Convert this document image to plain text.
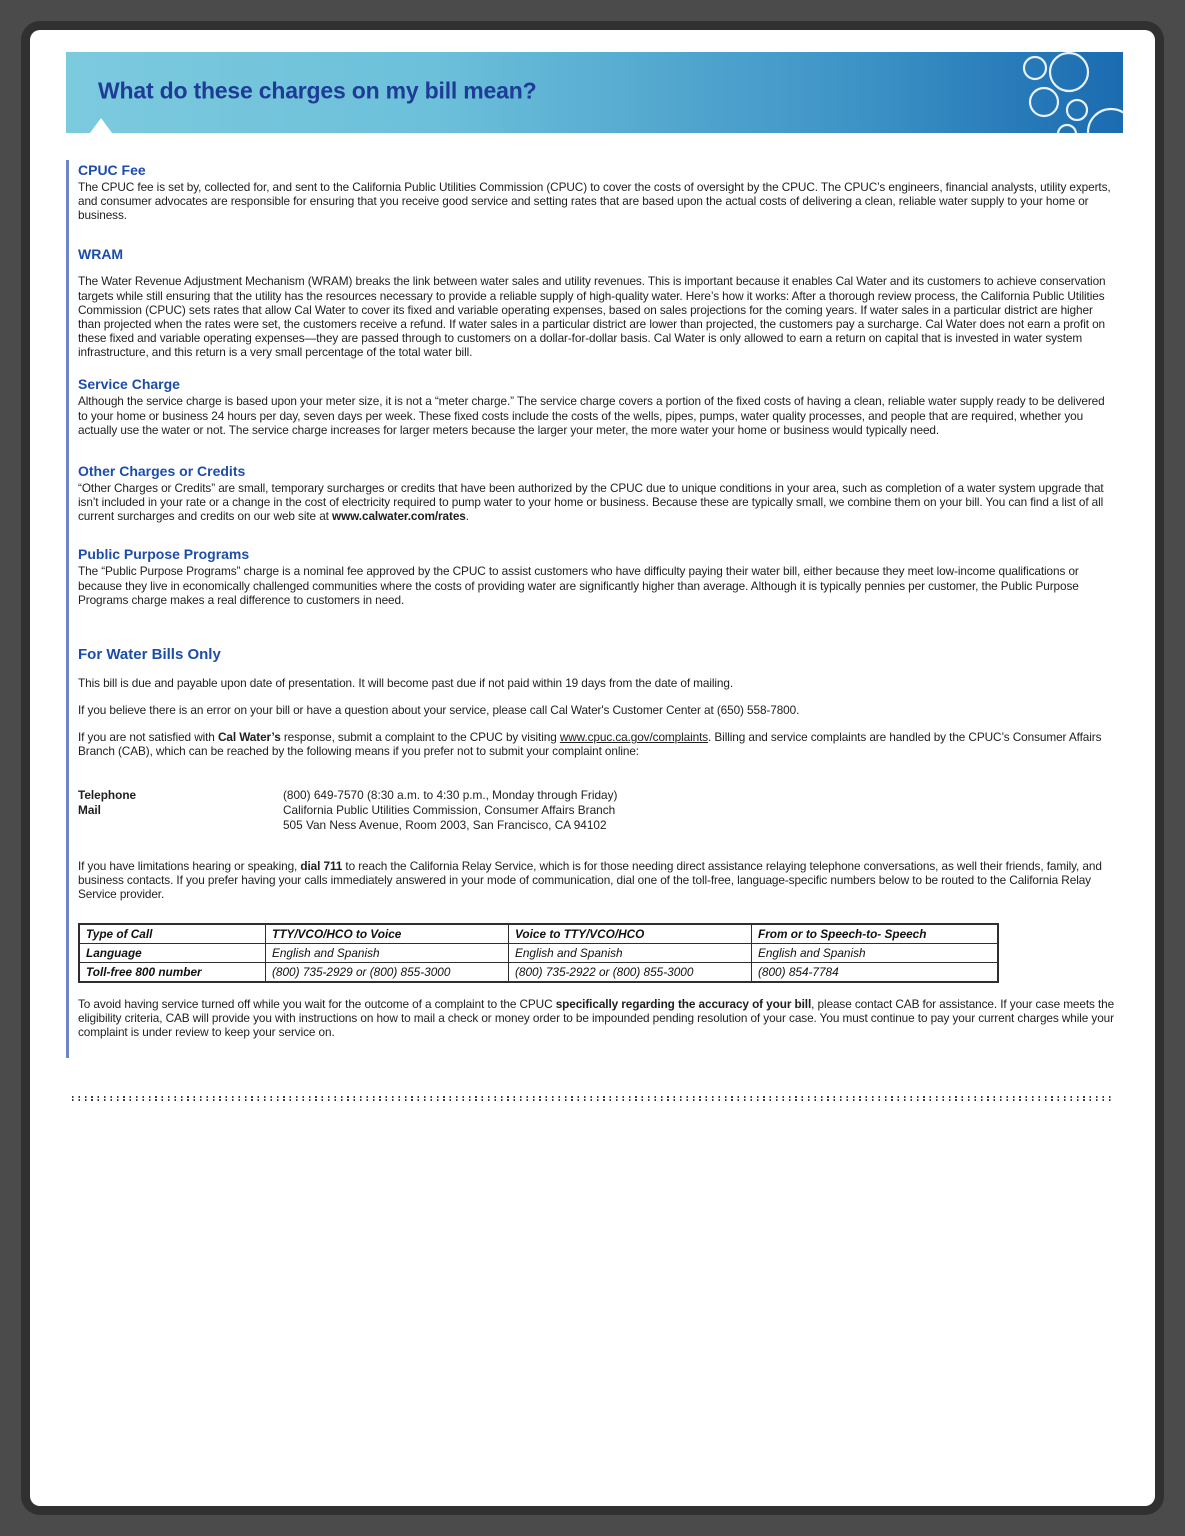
What do these charges on my bill mean?
CPUC Fee

The CPUC fee is set by, collected for, and sent to the California Public Utilities Commission (CPUC) to cover the costs of oversight by the CPUC. The CPUC’s engineers, financial analysts, utility experts, and consumer advocates are responsible for ensuring that you receive good service and setting rates that are based upon the actual costs of delivering a clean, reliable water supply to your home or business.

WRAM

The Water Revenue Adjustment Mechanism (WRAM) breaks the link between water sales and utility revenues. This is important because it enables Cal Water and its customers to achieve conservation targets while still ensuring that the utility has the resources necessary to provide a reliable supply of high-quality water. Here’s how it works: After a thorough review process, the California Public Utilities Commission (CPUC) sets rates that allow Cal Water to cover its fixed and variable operating expenses, based on sales projections for the coming years. If water sales in a particular district are higher than projected when the rates were set, the customers receive a refund. If water sales in a particular district are lower than projected, the customers pay a surcharge. Cal Water does not earn a profit on these fixed and variable operating expenses—they are passed through to customers on a dollar-for-dollar basis. Cal Water is only allowed to earn a return on capital that is invested in water system infrastructure, and this return is a very small percentage of the total water bill.

Service Charge

Although the service charge is based upon your meter size, it is not a “meter charge.” The service charge covers a portion of the fixed costs of having a clean, reliable water supply ready to be delivered to your home or business 24 hours per day, seven days per week. These fixed costs include the costs of the wells, pipes, pumps, water quality processes, and people that are required, whether you actually use the water or not. The service charge increases for larger meters because the larger your meter, the more water your home or business would typically need.

Other Charges or Credits

“Other Charges or Credits” are small, temporary surcharges or credits that have been authorized by the CPUC due to unique conditions in your area, such as completion of a water system upgrade that isn’t included in your rate or a change in the cost of electricity required to pump water to your home or business. Because these are typically small, we combine them on your bill. You can find a list of all current surcharges and credits on our web site at www.calwater.com/rates.

Public Purpose Programs

The “Public Purpose Programs” charge is a nominal fee approved by the CPUC to assist customers who have difficulty paying their water bill, either because they meet low-income qualifications or because they live in economically challenged communities where the costs of providing water are significantly higher than average. Although it is typically pennies per customer, the Public Purpose Programs charge makes a real difference to customers in need.

For Water Bills Only

This bill is due and payable upon date of presentation. It will become past due if not paid within 19 days from the date of mailing.

If you believe there is an error on your bill or have a question about your service, please call Cal Water's Customer Center at (650) 558-7800.

If you are not satisfied with Cal Water’s response, submit a complaint to the CPUC by visiting www.cpuc.ca.gov/complaints. Billing and service complaints are handled by the CPUC’s Consumer Affairs Branch (CAB), which can be reached by the following means if you prefer not to submit your complaint online:

Telephone	(800) 649-7570 (8:30 a.m. to 4:30 p.m., Monday through Friday)
Mail	California Public Utilities Commission, Consumer Affairs Branch
505 Van Ness Avenue, Room 2003, San Francisco, CA 94102

If you have limitations hearing or speaking, dial 711 to reach the California Relay Service, which is for those needing direct assistance relaying telephone conversations, as well their friends, family, and business contacts. If you prefer having your calls immediately answered in your mode of communication, dial one of the toll-free, language-specific numbers below to be routed to the California Relay Service provider.

Type of Call	TTY/VCO/HCO to Voice	Voice to TTY/VCO/HCO	From or to Speech-to- Speech
Language	English and Spanish	English and Spanish	English and Spanish
Toll-free 800 number	(800) 735-2929 or (800) 855-3000	(800) 735-2922 or (800) 855-3000	(800) 854-7784

To avoid having service turned off while you wait for the outcome of a complaint to the CPUC specifically regarding the accuracy of your bill, please contact CAB for assistance. If your case meets the eligibility criteria, CAB will provide you with instructions on how to mail a check or money order to be impounded pending resolution of your case. You must continue to pay your current charges while your complaint is under review to keep your service on.
